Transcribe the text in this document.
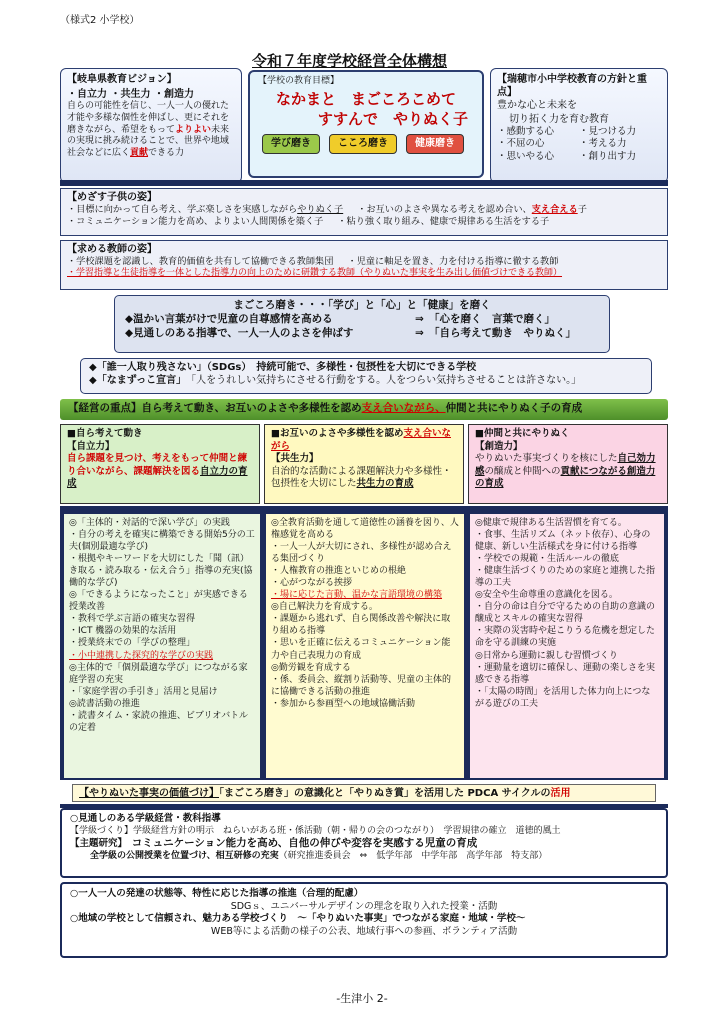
（様式2 小学校）
令和７年度学校経営全体構想
【岐阜県教育ビジョン】
・自立力 ・共生力 ・創造力
自らの可能性を信じ、一人一人の優れた才能や多様な個性を伸ばし、更にそれを磨きながら、希望をもってよりよい未来の実現に挑み続けることで、世界や地域社会などに広く貢献できる力
【学校の教育目標】
なかまと　まごころこめて
すすんで　やりぬく子
学び磨き	こころ磨き	健康磨き
【瑞穂市小中学校教育の方針と重点】
豊かな心と未来を
切り拓く力を育む教育
・感動する心	・見つける力
・不屈の心	・考える力
・思いやる心	・創り出す力
【めざす子供の姿】
・目標に向かって自ら考え、学ぶ楽しさを実感しながらやりぬく子 ・お互いのよさや異なる考えを認め合い、支え合える子
・コミュニケーション能力を高め、よりよい人間関係を築く子 ・粘り強く取り組み、健康で規律ある生活をする子
【求める教師の姿】
・学校課題を認識し、教育的価値を共有して協働できる教師集団 ・児童に軸足を置き、力を付ける指導に徹する教師
・学習指導と生徒指導を一体とした指導力の向上のために研鑽する教師（やりぬいた事実を生み出し価値づけできる教師）
まごころ磨き・・・「学び」と「心」と「健康」を磨く
◆温かい言葉がけで児童の自尊感情を高める	⇒　「心を磨く　言葉で磨く」
◆見通しのある指導で、一人一人のよさを伸ばす	⇒　「自ら考えて動き　やりぬく」
◆「誰一人取り残さない」（SDGs）　持続可能で、多様性・包摂性を大切にできる学校
◆「なまずっこ宣言」　 「人をうれしい気持ちにさせる行動をする。人をつらい気持ちさせることは許さない。」
【経営の重点】自ら考えて動き、お互いのよさや多様性を認め支え合いながら、仲間と共にやりぬく子の育成
■自ら考えて動き
【自立力】
自ら課題を見つけ、考えをもって仲間と練り合いながら、課題解決を図る自立力の育成
■お互いのよさや多様性を認め支え合いながら
【共生力】
自治的な活動による課題解決力や多様性・包摂性を大切にした共生力の育成
■仲間と共にやりぬく
【創造力】
やりぬいた事実づくりを核にした自己効力感の醸成と仲間への貢献につながる創造力の育成
◎「主体的・対話的で深い学び」の実践
・自分の考えを確実に構築できる開始5分の工夫(個別最適な学び)
・根拠やキーワードを大切にした「聞（訊）き取る・読み取る・伝え合う」指導の充実(協働的な学び)
◎「できるようになったこと」が実感できる授業改善
・教科で学ぶ言語の確実な習得
・ICT 機器の効果的な活用
・授業終末での「学びの整理」
・小中連携した探究的な学びの実践
◎主体的で「個別最適な学び」につながる家庭学習の充実
・「家庭学習の手引き」活用と見届け
◎読書活動の推進
・読書タイム・家読の推進、ビブリオバトルの定着
◎全教育活動を通して道徳性の涵養を図り、人権感覚を高める
・一人一人が大切にされ、多様性が認め合える集団づくり
・人権教育の推進といじめの根絶
・心がつながる挨拶
・場に応じた言動、温かな言語環境の構築
◎自己解決力を育成する。
・課題から逃れず、自ら関係改善や解決に取り組める指導
・思いを正確に伝えるコミュニケーション能力や自己表現力の育成
◎勤労観を育成する
・係、委員会、縦割り活動等、児童の主体的に協働できる活動の推進
・参加から参画型への地域協働活動
◎健康で規律ある生活習慣を育てる。
・食事、生活リズム（ネット依存）、心身の健康、新しい生活様式を身に付ける指導
・学校での規範・生活ルールの徹底
・健康生活づくりのための家庭と連携した指導の工夫
◎安全や生命尊重の意識化を図る。
・自分の命は自分で守るための自助の意識の醸成とスキルの確実な習得
・実際の災害時や起こりうる危機を想定した命を守る訓練の実施
◎日常から運動に親しむ習慣づくり
・運動量を適切に確保し、運動の楽しさを実感できる指導
・「太陽の時間」を活用した体力向上につながる遊びの工夫
【やりぬいた事実の価値づけ】「まごころ磨き」の意識化と「やりぬき賞」を活用した PDCA サイクルの活用
○見通しのある学級経営・教科指導
【学級づくり】学級経営方針の明示　ねらいがある班・係活動（朝・帰りの会のつながり）　学習規律の確立　道徳的風土
【主題研究】　 コミュニケーション能力を高め、自他の伸びや変容を実感する児童の育成
全学級の公開授業を位置づけ、相互研修の充実（研究推進委員会　⇔　低学年部　中学年部　高学年部　特支部）
○一人一人の発達の状態等、特性に応じた指導の推進（合理的配慮）
SDGｓ、ユニバーサルデザインの理念を取り入れた授業・活動
○地域の学校として信頼され、魅力ある学校づくり　～「やりぬいた事実」でつながる家庭・地域・学校～
WEB等による活動の様子の公表、地域行事への参画、ボランティア活動
-生津小 2-
